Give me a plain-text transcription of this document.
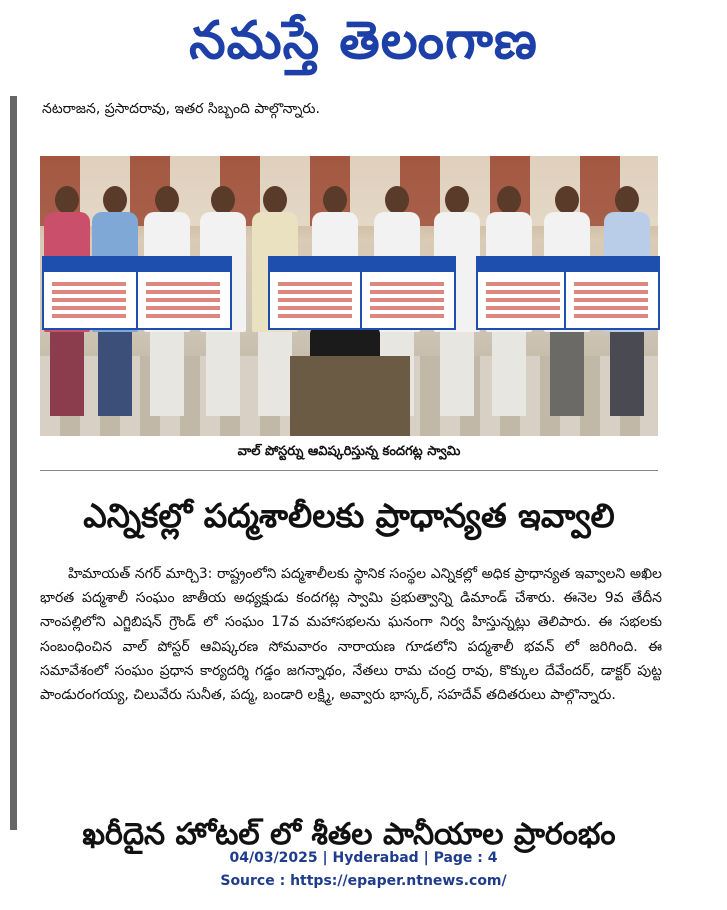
నమస్తే తెలంగాణ
నటరాజన, ప్రసాదరావు, ఇతర సిబ్బంది పాల్గొన్నారు.
వాల్ పోస్టర్ను ఆవిష్కరిస్తున్న కందగట్ల స్వామి
ఎన్నికల్లో పద్మశాలీలకు ప్రాధాన్యత ఇవ్వాలి

హిమాయత్ నగర్ మార్చి3: రాష్ట్రంలోని పద్మశాలీలకు స్థానిక సంస్థల ఎన్నికల్లో అధిక ప్రాధాన్యత ఇవ్వాలని అఖిల భారత పద్మశాలీ సంఘం జాతీయ అధ్యక్షుడు కందగట్ల స్వామి ప్రభుత్వాన్ని డిమాండ్ చేశారు. ఈనెల 9వ తేదీన నాంపల్లిలోని ఎగ్జిబిషన్ గ్రౌండ్ లో సంఘం 17వ మహాసభలను ఘనంగా నిర్వ హిస్తున్నట్లు తెలిపారు. ఈ సభలకు సంబంధించిన వాల్ పోస్టర్ ఆవిష్కరణ సోమవారం నారాయణ గూడలోని పద్మశాలీ భవన్ లో జరిగింది. ఈ సమావేశంలో సంఘం ప్రధాన కార్యదర్శి గడ్డం జగన్నాథం, నేతలు రామ చంద్ర రావు, కొక్కుల దేవేందర్, డాక్టర్ పుట్ట పాండురంగయ్య, చిలువేరు సునీత, పద్మ, బండారి లక్ష్మి, అవ్వారు భాస్కర్, సహదేవ్ తదితరులు పాల్గొన్నారు.

ఖరీదైన హోటల్ లో శీతల పానీయాల ప్రారంభం
04/03/2025 | Hyderabad | Page : 4
Source : https://epaper.ntnews.com/
